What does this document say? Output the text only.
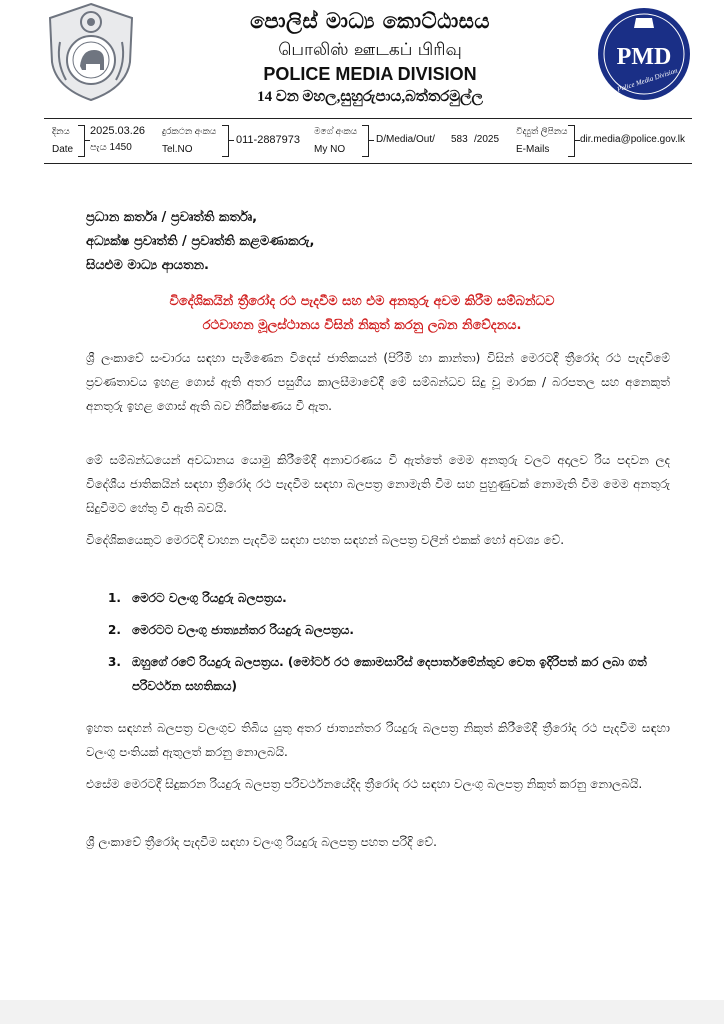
පොලිස් මාධ්‍ය කොට්ඨාසය
பொலிஸ் ஊடகப் பிரிவு
POLICE MEDIA DIVISION
14 වන මහල,සුහුරුපාය,බත්තරමුල්ල
PMD
Police Media Division
දිනය
Date
2025.03.26
පැය 1450
දුරකථන අංකය
Tel.NO
011-2887973
මගේ අංකය
My NO
D/Media/Out/ 583 /2025
විද්‍යුත් ලිපිනය
E-Mails
dir.media@police.gov.lk
ප්‍රධාන කර්තෘ / ප්‍රවෘත්ති කර්තෘ,
අධ්‍යක්ෂ ප්‍රවෘත්ති / ප්‍රවෘත්ති කළමණාකරු,
සියළුම මාධ්‍ය ආයතන.
විදේශිකයින් ත්‍රීරෝද රථ පැදවීම සහ එම අනතුරු අවම කිරීම සම්බන්ධව
රථවාහන මූලස්ථානය විසින් නිකුත් කරනු ලබන නිවේදනය.
ශ්‍රී ලංකාවේ සංචාරය සඳහා පැමිණෙන විදෙස් ජාතිකයන් (පිරිමි හා කාන්තා) විසින් මෙරටදී ත්‍රීරෝද රථ පැදවීමේ ප්‍රවණතාවය ඉහළ ගොස් ඇති අතර පසුගිය කාලසීමාවේදී මේ සම්බන්ධව සිදු වූ මාරක / බරපතල සහ අනෙකුත් අනතුරු ඉහළ ගොස් ඇති බව නිරීක්ෂණය වී ඇත.
මේ සම්බන්ධයෙන් අවධානය යොමු කිරීමේදී අනාවරණය වී ඇත්තේ මෙම අනතුරු වලට අදාලව රිය පදවන ලද විදේශීය ජාතිකයින් සඳහා ත්‍රීරෝද රථ පැදවීම සඳහා බලපත්‍ර නොමැති වීම සහ පුහුණුවක් නොමැති වීම මෙම අනතුරු සිදුවීමට හේතු වී ඇති බවයි.
විදේශිකයෙකුට මෙරටදී වාහන පැදවීම සඳහා පහත සඳහන් බලපත්‍ර වලින් එකක් හෝ අවශ්‍ය වේ.
1. මෙරට වලංගු රියදුරු බලපත්‍රය.
2. මෙරටට වලංගු ජාත්‍යන්තර රියදුරු බලපත්‍රය.
3. ඔහුගේ රටේ රියදුරු බලපත්‍රය. (මෝටර් රථ කොමසාරිස් දෙපාර්තමේන්තුව වෙත ඉදිරිපත් කර ලබා ගත් පරිවර්ථන සහතිකය)
ඉහත සඳහන් බලපත්‍ර වලංගුව තිබිය යුතු අතර ජාත්‍යන්තර රියදුරු බලපත්‍ර නිකුත් කිරීමේදී ත්‍රීරෝද රථ පැදවීම සඳහා වලංගු පංතියක් ඇතුලත් කරනු නොලබයි.
එසේම මෙරටදී සිදුකරන රියදුරු බලපත්‍ර පරිවර්ථනයේදිද ත්‍රීරෝද රථ සඳහා වලංගු බලපත්‍ර නිකුත් කරනු නොලබයි.
ශ්‍රී ලංකාවේ ත්‍රීරෝද පැදවීම සඳහා වලංගු රියදුරු බලපත්‍ර පහත පරිදි වේ.
